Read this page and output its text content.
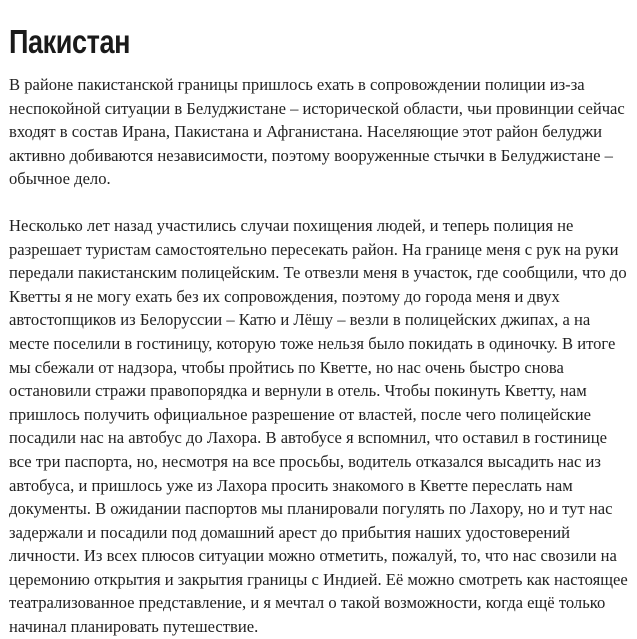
Пакистан

В районе пакистанской границы пришлось ехать в сопровождении полиции из-за неспокойной ситуации в Белуджистане – исторической области, чьи провинции сейчас входят в состав Ирана, Пакистана и Афганистана. Населяющие этот район белуджи активно добиваются независимости, поэтому вооруженные стычки в Белуджистане – обычное дело.

Несколько лет назад участились случаи похищения людей, и теперь полиция не разрешает туристам самостоятельно пересекать район. На границе меня с рук на руки передали пакистанским полицейским. Те отвезли меня в участок, где сообщили, что до Кветты я не могу ехать без их сопровождения, поэтому до города меня и двух автостопщиков из Белоруссии – Катю и Лёшу – везли в полицейских джипах, а на месте поселили в гостиницу, которую тоже нельзя было покидать в одиночку. В итоге мы сбежали от надзора, чтобы пройтись по Кветте, но нас очень быстро снова остановили стражи правопорядка и вернули в отель. Чтобы покинуть Кветту, нам пришлось получить официальное разрешение от властей, после чего полицейские посадили нас на автобус до Лахора. В автобусе я вспомнил, что оставил в гостинице все три паспорта, но, несмотря на все просьбы, водитель отказался высадить нас из автобуса, и пришлось уже из Лахора просить знакомого в Кветте переслать нам документы. В ожидании паспортов мы планировали погулять по Лахору, но и тут нас задержали и посадили под домашний арест до прибытия наших удостоверений личности. Из всех плюсов ситуации можно отметить, пожалуй, то, что нас свозили на церемонию открытия и закрытия границы с Индией. Её можно смотреть как настоящее театрализованное представление, и я мечтал о такой возможности, когда ещё только начинал планировать путешествие.
